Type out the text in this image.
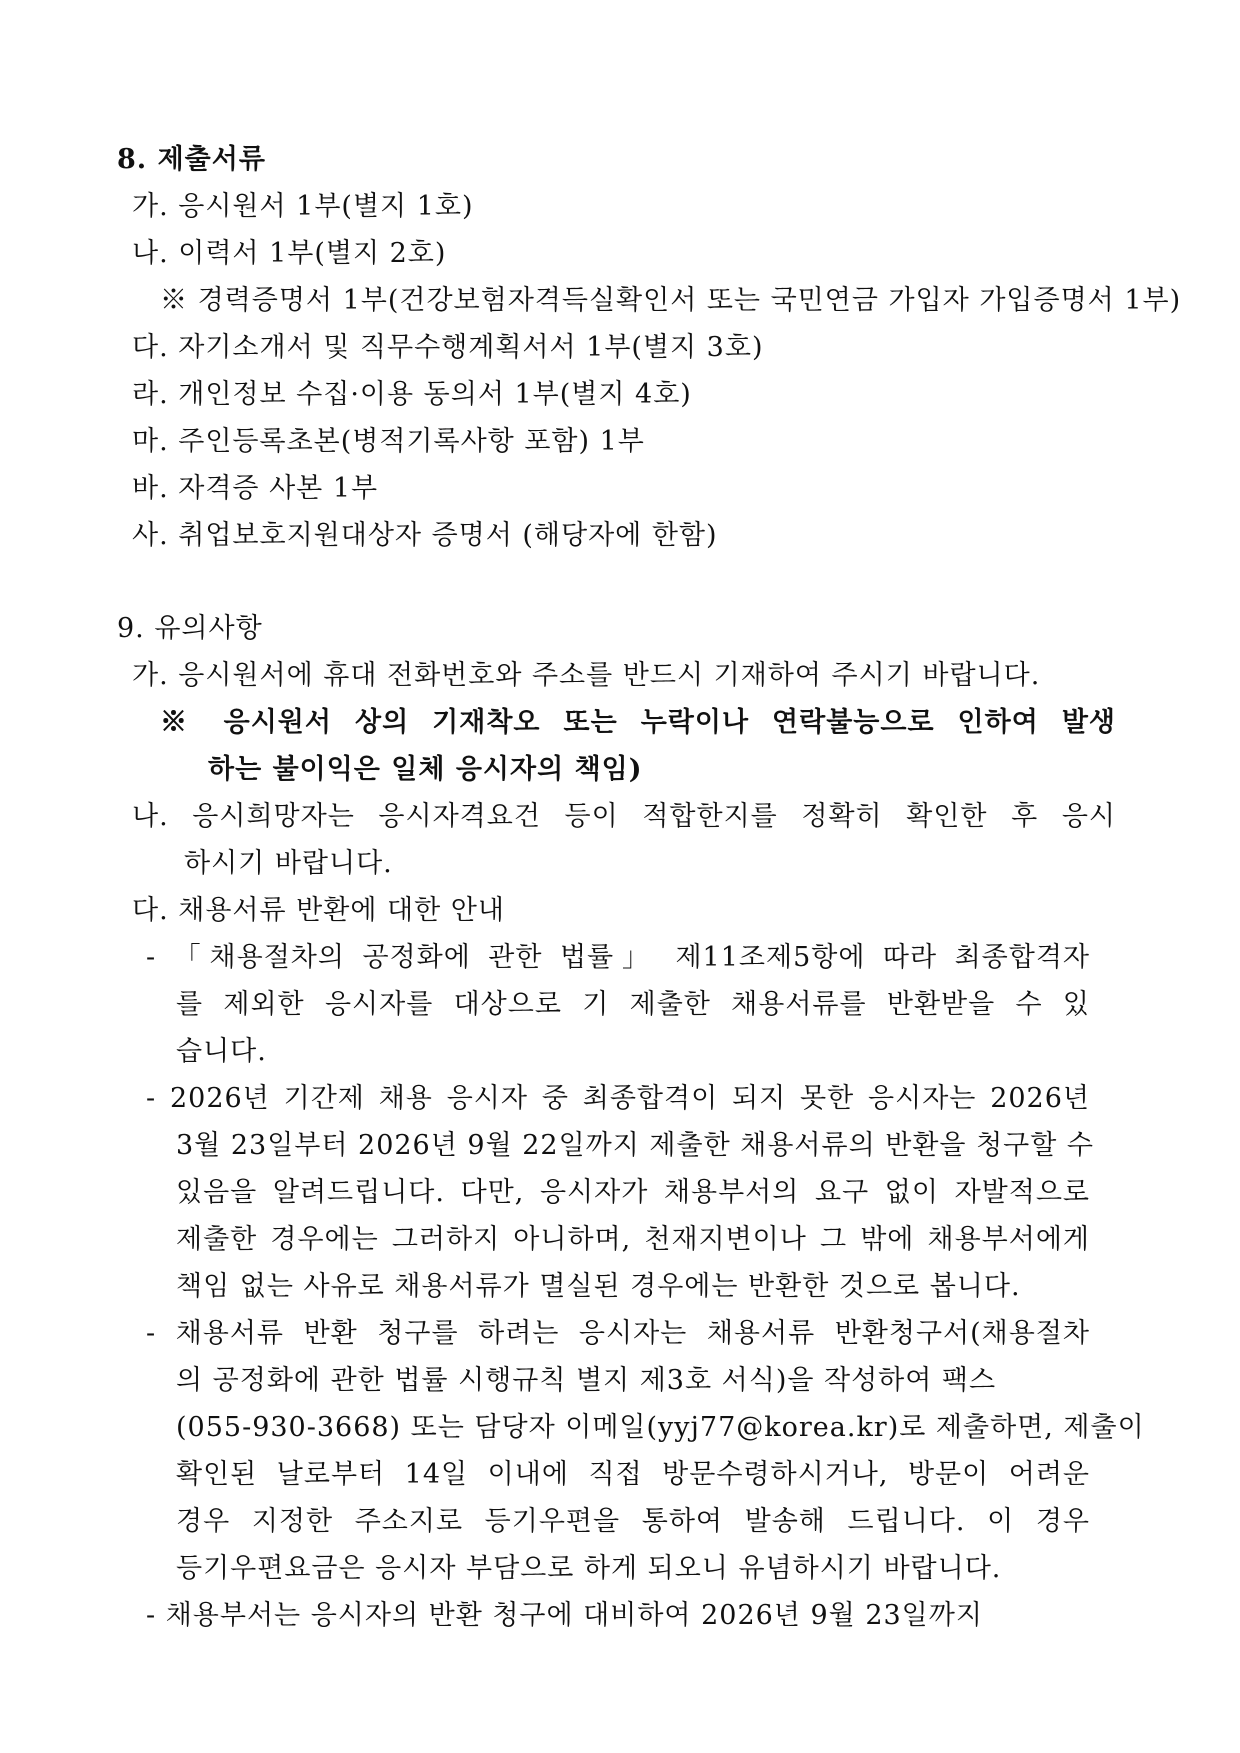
8. 제출서류
가. 응시원서 1부(별지 1호)
나. 이력서 1부(별지 2호)
※ 경력증명서 1부(건강보험자격득실확인서 또는 국민연금 가입자 가입증명서 1부)
다. 자기소개서 및 직무수행계획서서 1부(별지 3호)
라. 개인정보 수집·이용 동의서 1부(별지 4호)
마. 주인등록초본(병적기록사항 포함) 1부
바. 자격증 사본 1부
사. 취업보호지원대상자 증명서 (해당자에 한함)
9. 유의사항
가. 응시원서에 휴대 전화번호와 주소를 반드시 기재하여 주시기 바랍니다.
※ 응시원서 상의 기재착오 또는 누락이나 연락불능으로 인하여 발생
하는 불이익은 일체 응시자의 책임)
나. 응시희망자는 응시자격요건 등이 적합한지를 정확히 확인한 후 응시
하시기 바랍니다.
다. 채용서류 반환에 대한 안내
- 「채용절차의 공정화에 관한 법률」 제11조제5항에 따라 최종합격자
를 제외한 응시자를 대상으로 기 제출한 채용서류를 반환받을 수 있
습니다.
- 2026년 기간제 채용 응시자 중 최종합격이 되지 못한 응시자는 2026년
3월 23일부터 2026년 9월 22일까지 제출한 채용서류의 반환을 청구할 수
있음을 알려드립니다. 다만, 응시자가 채용부서의 요구 없이 자발적으로
제출한 경우에는 그러하지 아니하며, 천재지변이나 그 밖에 채용부서에게
책임 없는 사유로 채용서류가 멸실된 경우에는 반환한 것으로 봅니다.
- 채용서류 반환 청구를 하려는 응시자는 채용서류 반환청구서(채용절차
의 공정화에 관한 법률 시행규칙 별지 제3호 서식)을 작성하여 팩스
(055-930-3668) 또는 담당자 이메일(yyj77@korea.kr)로 제출하면, 제출이
확인된 날로부터 14일 이내에 직접 방문수령하시거나, 방문이 어려운
경우 지정한 주소지로 등기우편을 통하여 발송해 드립니다. 이 경우
등기우편요금은 응시자 부담으로 하게 되오니 유념하시기 바랍니다.
- 채용부서는 응시자의 반환 청구에 대비하여 2026년 9월 23일까지
